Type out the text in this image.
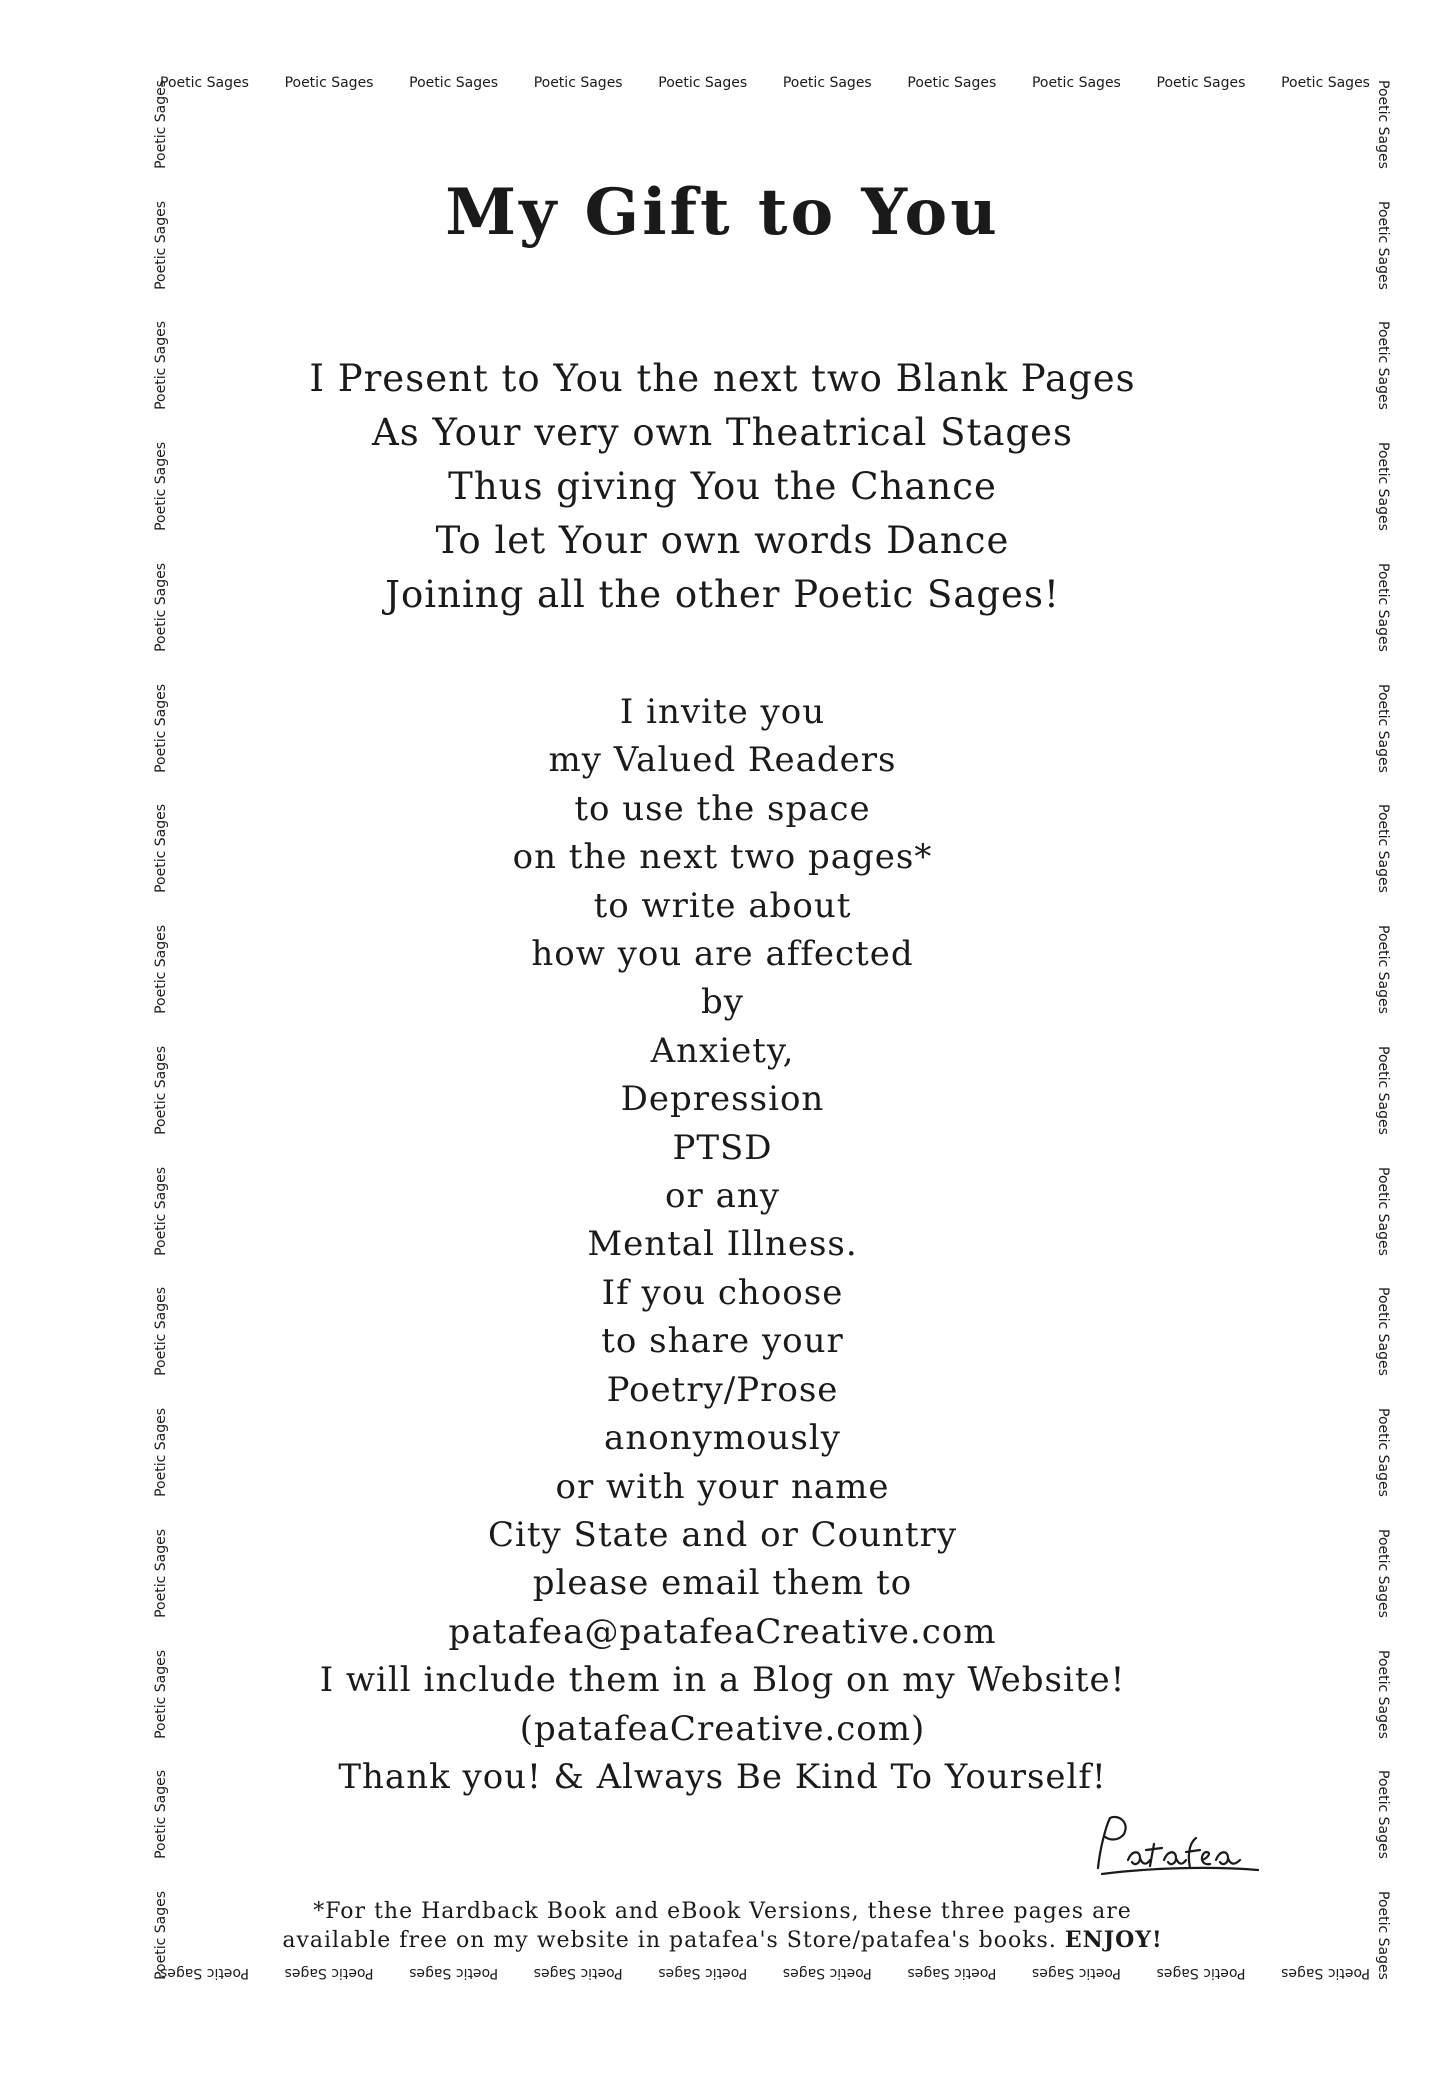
Poetic Sages	Poetic Sages	Poetic Sages	Poetic Sages	Poetic Sages	Poetic Sages	Poetic Sages	Poetic Sages	Poetic Sages	Poetic Sages
Poetic Sages
Poetic Sages
Poetic Sages
Poetic Sages
Poetic Sages
Poetic Sages
Poetic Sages
Poetic Sages
Poetic Sages
Poetic Sages
Poetic Sages
Poetic Sages
Poetic Sages
Poetic Sages
Poetic Sages
Poetic Sages
Poetic Sages
Poetic Sages
Poetic Sages
Poetic Sages
Poetic Sages
Poetic Sages
Poetic Sages
Poetic Sages
Poetic Sages
Poetic Sages
Poetic Sages
Poetic Sages
Poetic Sages
Poetic Sages
Poetic Sages
Poetic Sages
Poetic Sages
Poetic Sages
Poetic Sages
Poetic Sages
Poetic Sages
Poetic Sages
Poetic Sages
Poetic Sages
Poetic Sages
Poetic Sages
My Gift to You
I Present to You the next two Blank Pages
As Your very own Theatrical Stages
Thus giving You the Chance
To let Your own words Dance
Joining all the other Poetic Sages!
I invite you
my Valued Readers
to use the space
on the next two pages*
to write about
how you are affected
by
Anxiety,
Depression
PTSD
or any
Mental Illness.
If you choose
to share your
Poetry/Prose
anonymously
or with your name
City State and or Country
please email them to
patafea@patafeaCreative.com
I will include them in a Blog on my Website!
(patafeaCreative.com)
Thank you! & Always Be Kind To Yourself!
*For the Hardback Book and eBook Versions, these three pages are
available free on my website in patafea's Store/patafea's books. ENJOY!
